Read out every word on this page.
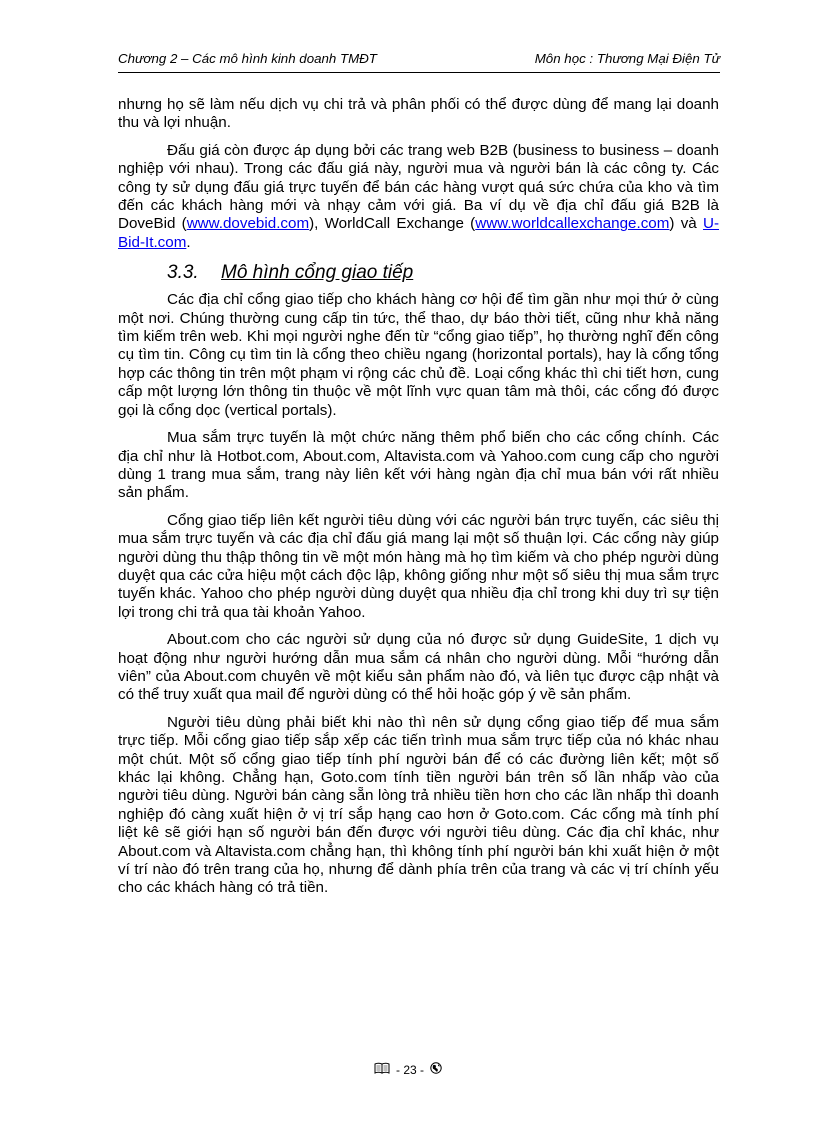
Chương 2 – Các mô hình kinh doanh TMĐT	Môn học : Thương Mại Điện Tử

nhưng họ sẽ làm nếu dịch vụ chi trả và phân phối có thể được dùng để mang lại doanh thu và lợi nhuận.

Đấu giá còn được áp dụng bởi các trang web B2B (business to business – doanh nghiệp với nhau). Trong các đấu giá này, người mua và người bán là các công ty. Các công ty sử dụng đấu giá trực tuyến để bán các hàng vượt quá sức chứa của kho và tìm đến các khách hàng mới và nhạy cảm với giá. Ba ví dụ về địa chỉ đấu giá B2B là DoveBid (www.dovebid.com), WorldCall Exchange (www.worldcallexchange.com) và U-Bid-It.com.

3.3. Mô hình cổng giao tiếp

Các địa chỉ cổng giao tiếp cho khách hàng cơ hội để tìm gần như mọi thứ ở cùng một nơi. Chúng thường cung cấp tin tức, thể thao, dự báo thời tiết, cũng như khả năng tìm kiếm trên web. Khi mọi người nghe đến từ “cổng giao tiếp”, họ thường nghĩ đến công cụ tìm tin. Công cụ tìm tin là cổng theo chiều ngang (horizontal portals), hay là cổng tổng hợp các thông tin trên một phạm vi rộng các chủ đề. Loại cổng khác thì chi tiết hơn, cung cấp một lượng lớn thông tin thuộc về một lĩnh vực quan tâm mà thôi, các cổng đó được gọi là cổng dọc (vertical portals).

Mua sắm trực tuyến là một chức năng thêm phổ biến cho các cổng chính. Các địa chỉ như là Hotbot.com, About.com, Altavista.com và Yahoo.com cung cấp cho người dùng 1 trang mua sắm, trang này liên kết với hàng ngàn địa chỉ mua bán với rất nhiều sản phẩm.

Cổng giao tiếp liên kết người tiêu dùng với các người bán trực tuyến, các siêu thị mua sắm trực tuyến và các địa chỉ đấu giá mang lại một số thuận lợi. Các cổng này giúp người dùng thu thập thông tin về một món hàng mà họ tìm kiếm và cho phép người dùng duyệt qua các cửa hiệu một cách độc lập, không giống như một số siêu thị mua sắm trực tuyến khác. Yahoo cho phép người dùng duyệt qua nhiều địa chỉ trong khi duy trì sự tiện lợi trong chi trả qua tài khoản Yahoo.

About.com cho các người sử dụng của nó được sử dụng GuideSite, 1 dịch vụ hoạt động như người hướng dẫn mua sắm cá nhân cho người dùng. Mỗi “hướng dẫn viên” của About.com chuyên về một kiểu sản phẩm nào đó, và liên tục được cập nhật và có thể truy xuất qua mail để người dùng có thể hỏi hoặc góp ý về sản phẩm.

Người tiêu dùng phải biết khi nào thì nên sử dụng cổng giao tiếp để mua sắm trực tiếp. Mỗi cổng giao tiếp sắp xếp các tiến trình mua sắm trực tiếp của nó khác nhau một chút. Một số cổng giao tiếp tính phí người bán để có các đường liên kết; một số khác lại không. Chẳng hạn, Goto.com tính tiền người bán trên số lần nhấp vào của người tiêu dùng. Người bán càng sẵn lòng trả nhiều tiền hơn cho các lần nhấp thì doanh nghiệp đó càng xuất hiện ở vị trí sắp hạng cao hơn ở Goto.com. Các cổng mà tính phí liệt kê sẽ giới hạn số người bán đến được với người tiêu dùng. Các địa chỉ khác, như About.com và Altavista.com chẳng hạn, thì không tính phí người bán khi xuất hiện ở một ví trí nào đó trên trang của họ, nhưng để dành phía trên của trang và các vị trí chính yếu cho các khách hàng có trả tiền.

- 23 -
